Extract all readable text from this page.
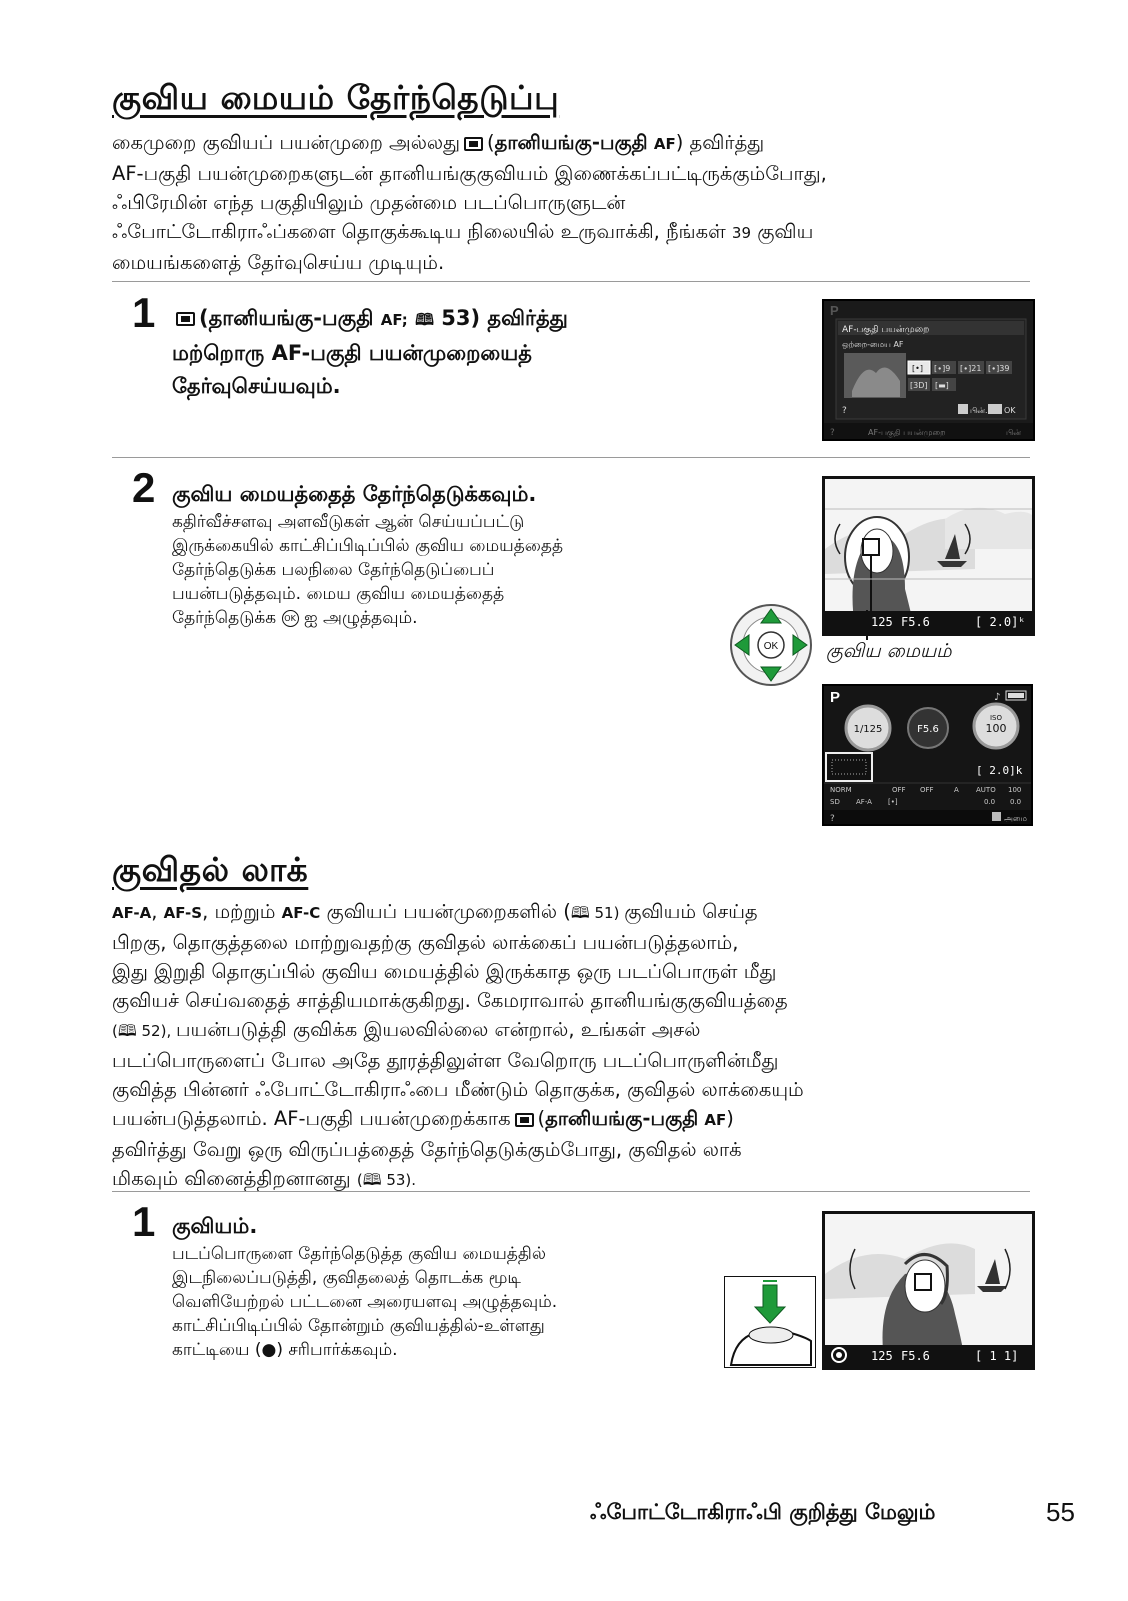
குவிய மையம் தேர்ந்தெடுப்பு
கைமுறை குவியப் பயன்முறை அல்லது (தானியங்கு-பகுதி AF) தவிர்த்து
AF-பகுதி பயன்முறைகளுடன் தானியங்குகுவியம் இணைக்கப்பட்டிருக்கும்போது,
ஃபிரேமின் எந்த பகுதியிலும் முதன்மை படப்பொருளுடன்
ஃபோட்டோகிராஃப்களை தொகுக்கூடிய நிலையில் உருவாக்கி, நீங்கள் 39 குவிய
மையங்களைத் தேர்வுசெய்ய முடியும்.
1	(தானியங்கு-பகுதி AF; 🕮 53) தவிர்த்து
மற்றொரு AF-பகுதி பயன்முறையைத்
தேர்வுசெய்யவும்.
P
AF-பகுதி பயன்முறை
ஒற்றை-மைய AF
[•] [∙]9 [∙]21 [∙]39
[3D] [▬]
?	பின். OK
?	AF-பகுதி பயன்முறை	பின்
2 குவிய மையத்தைத் தேர்ந்தெடுக்கவும்.
கதிர்வீச்சளவு அளவீடுகள் ஆன் செய்யப்பட்டு
இருக்கையில் காட்சிப்பிடிப்பில் குவிய மையத்தைத்
தேர்ந்தெடுக்க பலநிலை தேர்ந்தெடுப்பைப்
பயன்படுத்தவும். மைய குவிய மையத்தைத்
தேர்ந்தெடுக்க OK ஐ அழுத்தவும்.	125 F5.6	[ 2.0]ᵏ
குவிய மையம்
OK
P	♪
1/125	F5.6
ISO
100
[ 2.0]k
NORM	OFF OFF	A AUTO 100
SD AF-A [•]	0.0 0.0
?	அமை
குவிதல் லாக்
AF-A, AF-S, மற்றும் AF-C குவியப் பயன்முறைகளில் (🕮 51) குவியம் செய்த
பிறகு, தொகுத்தலை மாற்றுவதற்கு குவிதல் லாக்கைப் பயன்படுத்தலாம்,
இது இறுதி தொகுப்பில் குவிய மையத்தில் இருக்காத ஒரு படப்பொருள் மீது
குவியச் செய்வதைத் சாத்தியமாக்குகிறது. கேமராவால் தானியங்குகுவியத்தை
(🕮 52), பயன்படுத்தி குவிக்க இயலவில்லை என்றால், உங்கள் அசல்
படப்பொருளைப் போல அதே தூரத்திலுள்ள வேறொரு படப்பொருளின்மீது
குவித்த பின்னர் ஃபோட்டோகிராஃபை மீண்டும் தொகுக்க, குவிதல் லாக்கையும்
பயன்படுத்தலாம். AF-பகுதி பயன்முறைக்காக (தானியங்கு-பகுதி AF)
தவிர்த்து வேறு ஒரு விருப்பத்தைத் தேர்ந்தெடுக்கும்போது, குவிதல் லாக்
மிகவும் வினைத்திறனானது (🕮 53).
1 குவியம்.
படப்பொருளை தேர்ந்தெடுத்த குவிய மையத்தில்
இடநிலைப்படுத்தி, குவிதலைத் தொடக்க மூடி
வெளியேற்றல் பட்டனை அரையளவு அழுத்தவும்.
காட்சிப்பிடிப்பில் தோன்றும் குவியத்தில்-உள்ளது
காட்டியை (●) சரிபார்க்கவும்.	125 F5.6	[ 1 1]
ஃபோட்டோகிராஃபி குறித்து மேலும்	55
